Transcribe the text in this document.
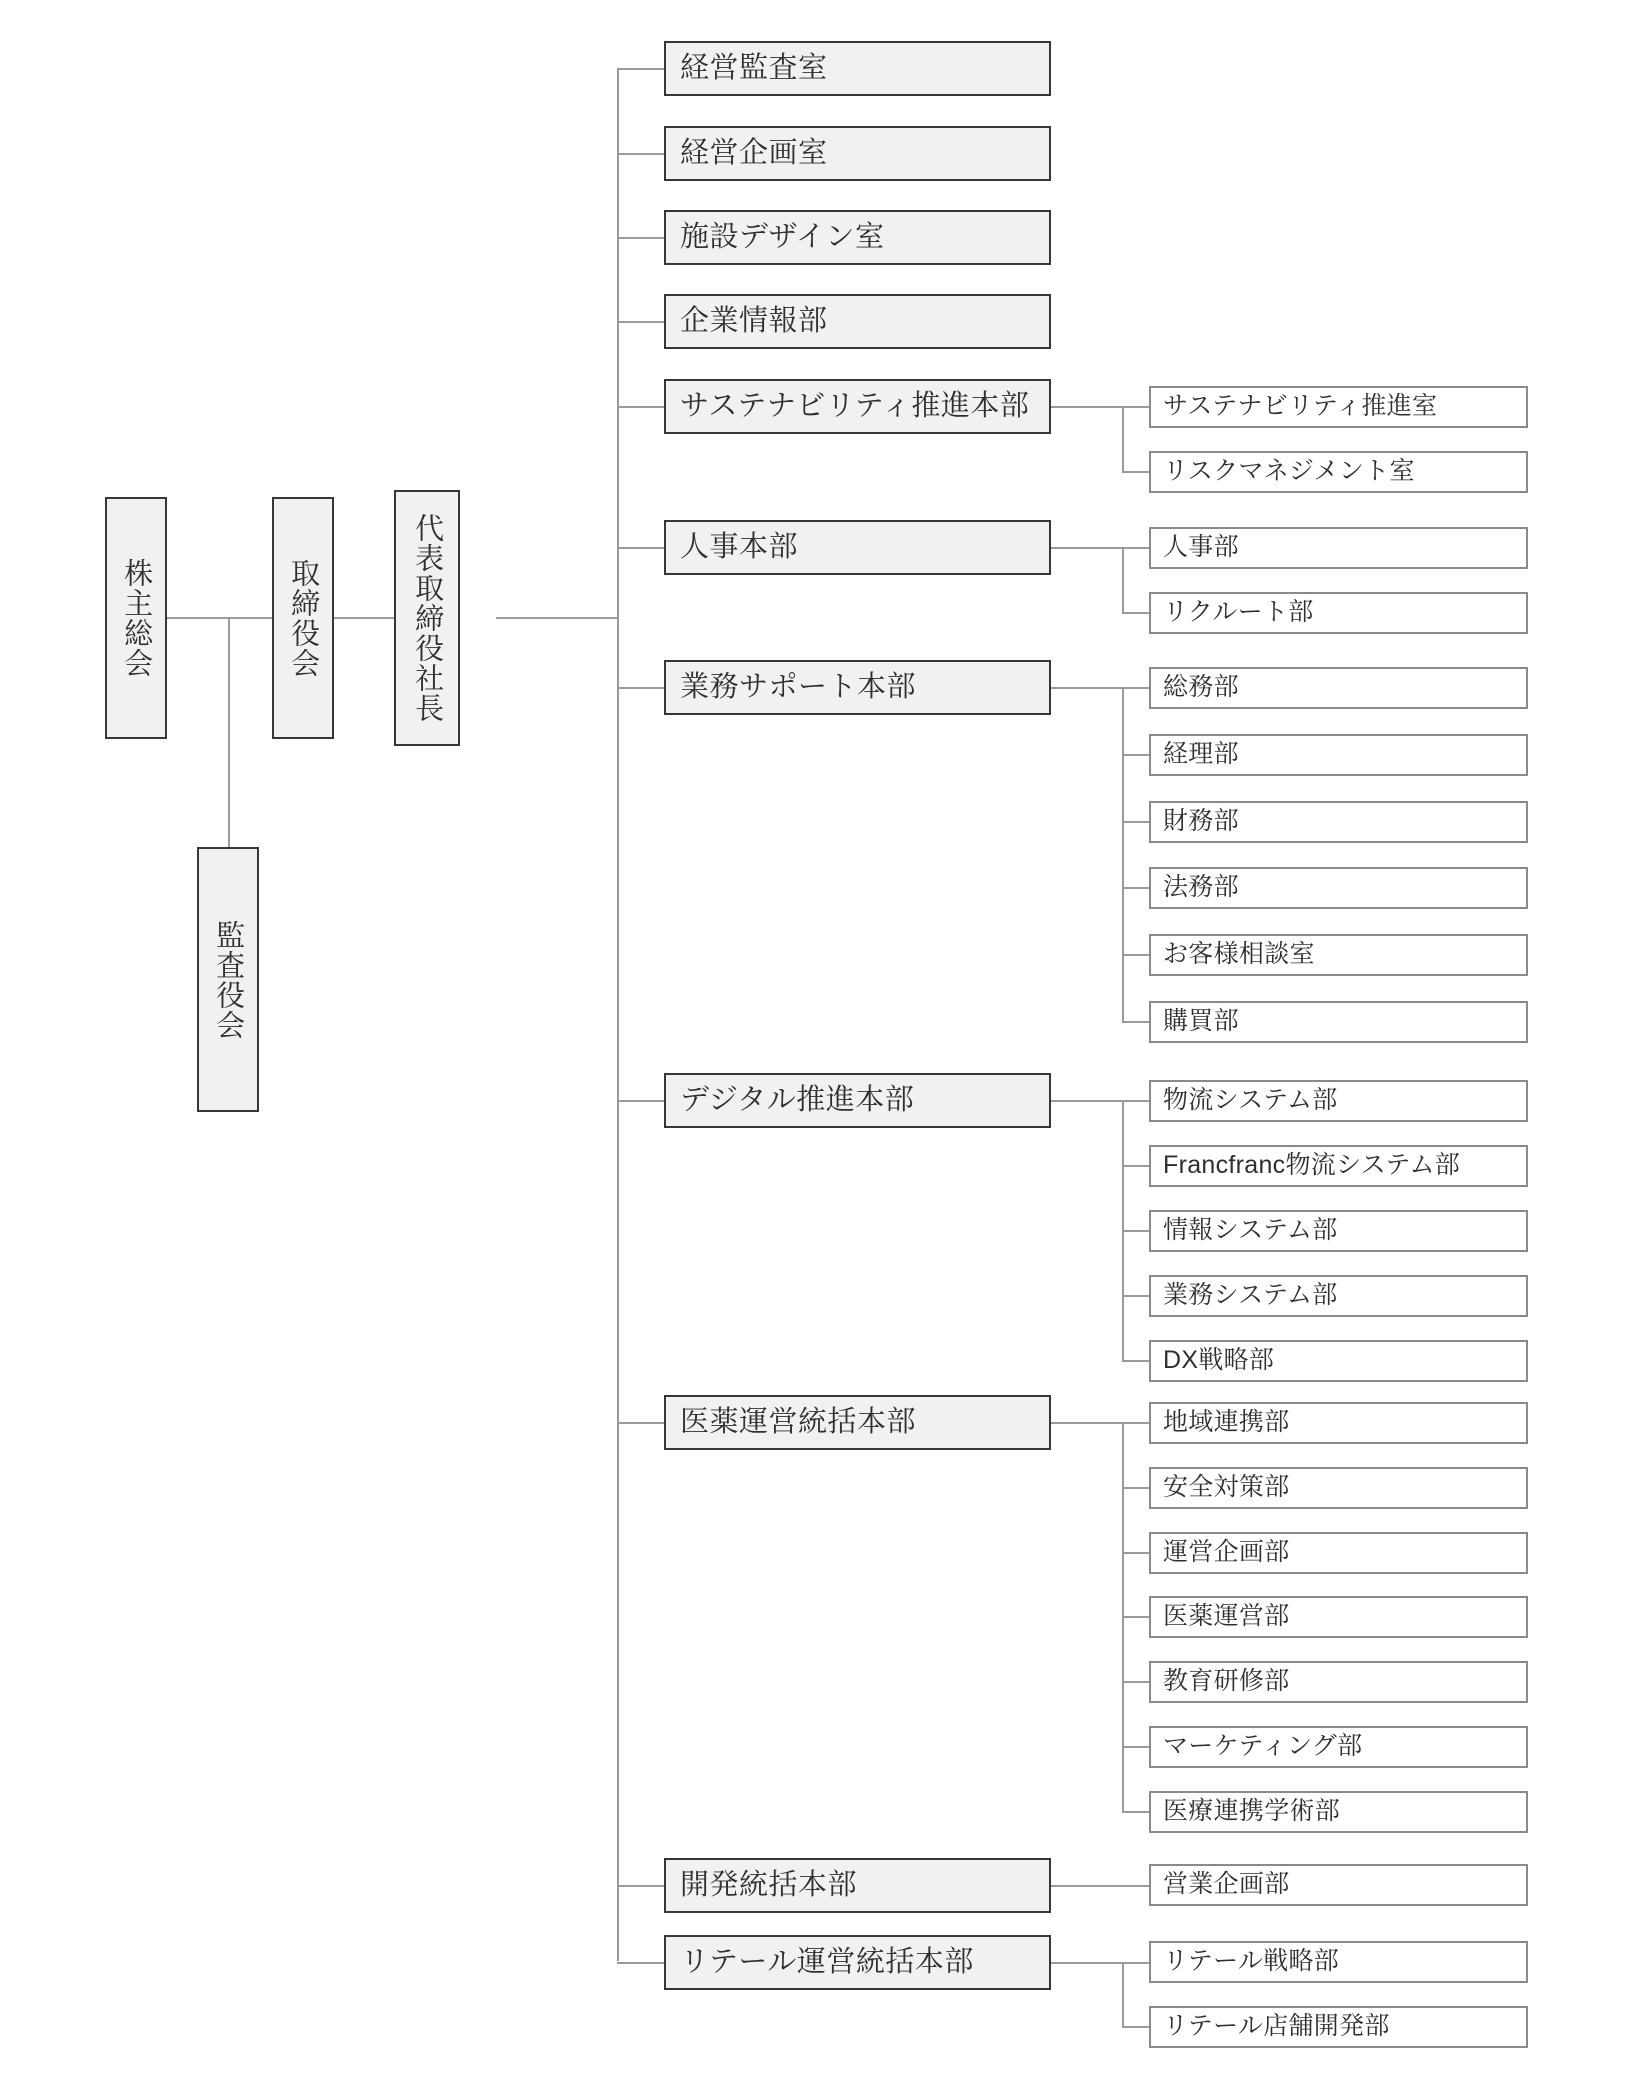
株主総会	取締役会	代表取締役社長
監査役会
経営監査室
経営企画室
施設デザイン室
企業情報部
サステナビリティ推進本部
人事本部
業務サポート本部
デジタル推進本部
医薬運営統括本部
開発統括本部
リテール運営統括本部
サステナビリティ推進室
リスクマネジメント室
人事部
リクルート部
総務部
経理部
財務部
法務部
お客様相談室
購買部
物流システム部
Francfranc物流システム部
情報システム部
業務システム部
DX戦略部
地域連携部
安全対策部
運営企画部
医薬運営部
教育研修部
マーケティング部
医療連携学術部
営業企画部
リテール戦略部
リテール店舗開発部
